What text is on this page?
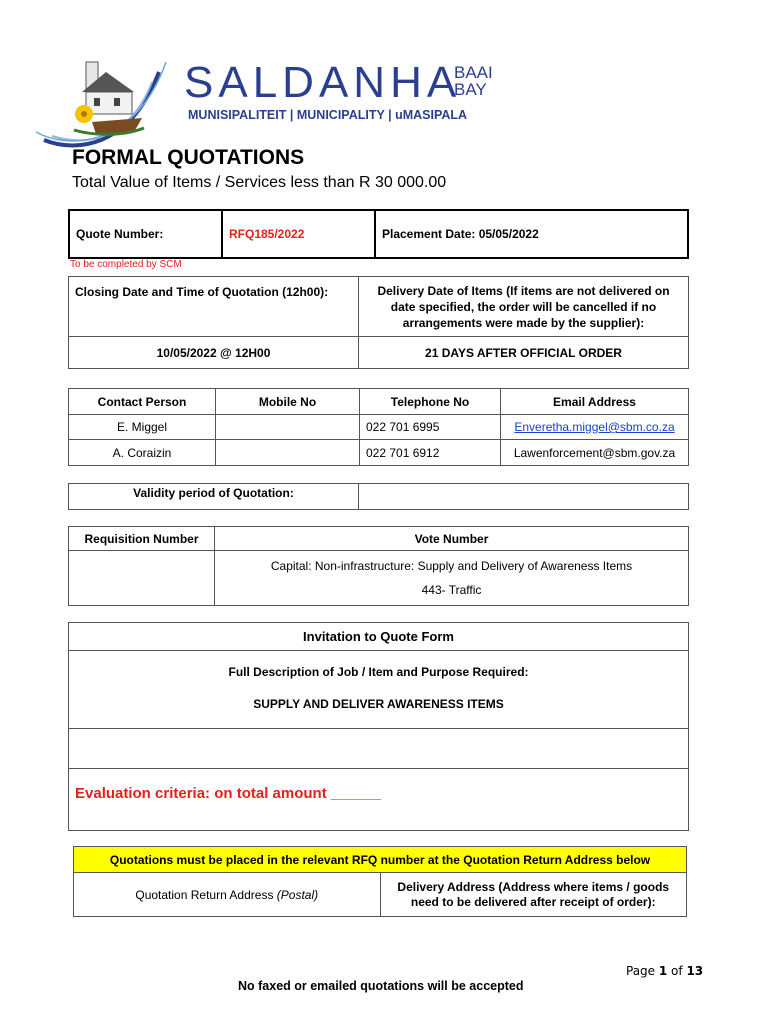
SALDANHA
BAAI
BAY
MUNISIPALITEIT | MUNICIPALITY | uMASIPALA
FORMAL QUOTATIONS
Total Value of Items / Services less than R 30 000.00
Quote Number:	RFQ185/2022	Placement Date: 05/05/2022
To be completed by SCM
Closing Date and Time of Quotation (12h00):	Delivery Date of Items (If items are not delivered on date specified, the order will be cancelled if no arrangements were made by the supplier):
10/05/2022 @ 12H00	21 DAYS AFTER OFFICIAL ORDER
Contact Person	Mobile No	Telephone No	Email Address
E. Miggel		022 701 6995	Enveretha.miggel@sbm.co.za
A. Coraizin		022 701 6912	Lawenforcement@sbm.gov.za
Validity period of Quotation:	
Requisition Number	Vote Number

	Capital: Non-infrastructure: Supply and Delivery of Awareness Items
443- Traffic
Invitation to Quote Form

Full Description of Job / Item and Purpose Required:
SUPPLY AND DELIVER AWARENESS ITEMS

Evaluation criteria: on total amount ______
Quotations must be placed in the relevant RFQ number at the Quotation Return Address below
Quotation Return Address (Postal)	Delivery Address (Address where items / goods need to be delivered after receipt of order):
Page 1 of 13
No faxed or emailed quotations will be accepted
